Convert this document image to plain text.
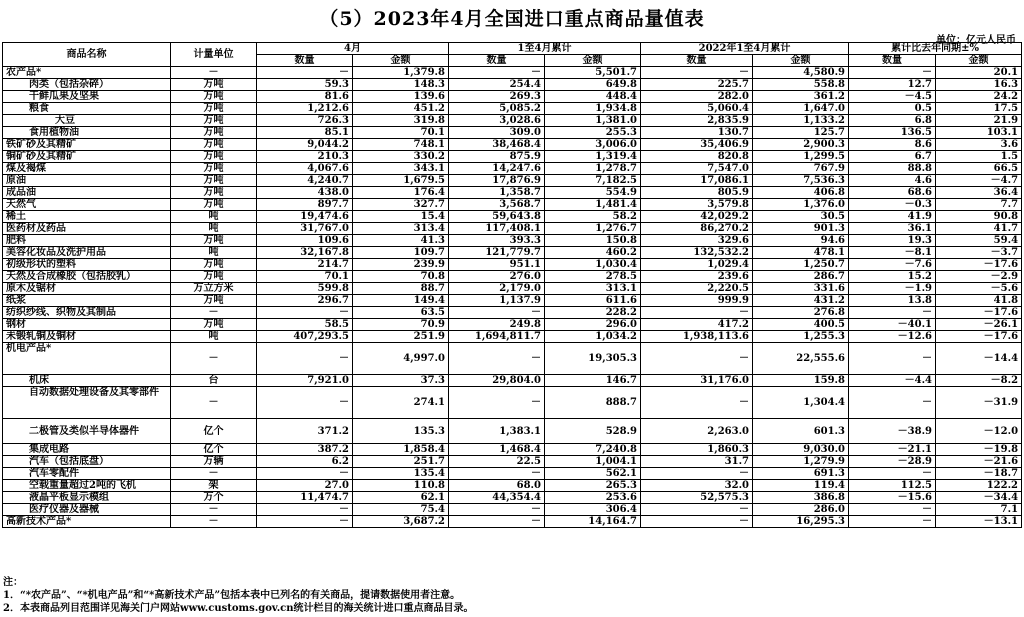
（5）2023年4月全国进口重点商品量值表
单位：亿元人民币
商品名称	计量单位	4月		1至4月累计		2022年1至4月累计		累计比去年同期±%	
		数量	金额	数量	金额	数量	金额	数量	金额
农产品*	－	－	1,379.8	－	5,501.7	－	4,580.9	－	20.1
肉类（包括杂碎）	万吨	59.3	148.3	254.4	649.8	225.7	558.8	12.7	16.3
干鲜瓜果及坚果	万吨	81.6	139.6	269.3	448.4	282.0	361.2	－4.5	24.2
粮食	万吨	1,212.6	451.2	5,085.2	1,934.8	5,060.4	1,647.0	0.5	17.5
大豆	万吨	726.3	319.8	3,028.6	1,381.0	2,835.9	1,133.2	6.8	21.9
食用植物油	万吨	85.1	70.1	309.0	255.3	130.7	125.7	136.5	103.1
铁矿砂及其精矿	万吨	9,044.2	748.1	38,468.4	3,006.0	35,406.9	2,900.3	8.6	3.6
铜矿砂及其精矿	万吨	210.3	330.2	875.9	1,319.4	820.8	1,299.5	6.7	1.5
煤及褐煤	万吨	4,067.6	343.1	14,247.6	1,278.7	7,547.0	767.9	88.8	66.5
原油	万吨	4,240.7	1,679.5	17,876.9	7,182.5	17,086.1	7,536.3	4.6	－4.7
成品油	万吨	438.0	176.4	1,358.7	554.9	805.9	406.8	68.6	36.4
天然气	万吨	897.7	327.7	3,568.7	1,481.4	3,579.8	1,376.0	－0.3	7.7
稀土	吨	19,474.6	15.4	59,643.8	58.2	42,029.2	30.5	41.9	90.8
医药材及药品	吨	31,767.0	313.4	117,408.1	1,276.7	86,270.2	901.3	36.1	41.7
肥料	万吨	109.6	41.3	393.3	150.8	329.6	94.6	19.3	59.4
美容化妆品及洗护用品	吨	32,167.8	109.7	121,779.7	460.2	132,532.2	478.1	－8.1	－3.7
初级形状的塑料	万吨	214.7	239.9	951.1	1,030.4	1,029.4	1,250.7	－7.6	－17.6
天然及合成橡胶（包括胶乳）	万吨	70.1	70.8	276.0	278.5	239.6	286.7	15.2	－2.9
原木及锯材	万立方米	599.8	88.7	2,179.0	313.1	2,220.5	331.6	－1.9	－5.6
纸浆	万吨	296.7	149.4	1,137.9	611.6	999.9	431.2	13.8	41.8
纺织纱线、织物及其制品	－	－	63.5	－	228.2	－	276.8	－	－17.6
钢材	万吨	58.5	70.9	249.8	296.0	417.2	400.5	－40.1	－26.1
未锻轧铜及铜材	吨	407,293.5	251.9	1,694,811.7	1,034.2	1,938,113.6	1,255.3	－12.6	－17.6
机电产品*	－	－	4,997.0	－	19,305.3	－	22,555.6	－	－14.4
机床	台	7,921.0	37.3	29,804.0	146.7	31,176.0	159.8	－4.4	－8.2
自动数据处理设备及其零部件	－	－	274.1	－	888.7	－	1,304.4	－	－31.9
二极管及类似半导体器件	亿个	371.2	135.3	1,383.1	528.9	2,263.0	601.3	－38.9	－12.0
集成电路	亿个	387.2	1,858.4	1,468.4	7,240.8	1,860.3	9,030.0	－21.1	－19.8
汽车（包括底盘）	万辆	6.2	251.7	22.5	1,004.1	31.7	1,279.9	－28.9	－21.6
汽车零配件	－	－	135.4	－	562.1	－	691.3	－	－18.7
空载重量超过2吨的飞机	架	27.0	110.8	68.0	265.3	32.0	119.4	112.5	122.2
液晶平板显示模组	万个	11,474.7	62.1	44,354.4	253.6	52,575.3	386.8	－15.6	－34.4
医疗仪器及器械	－	－	75.4	－	306.4	－	286.0	－	7.1
高新技术产品*	－	－	3,687.2	－	14,164.7	－	16,295.3	－	－13.1
注：
1．“*农产品”、“*机电产品”和“*高新技术产品”包括本表中已列名的有关商品，提请数据使用者注意。
2．本表商品列目范围详见海关门户网站www.customs.gov.cn统计栏目的海关统计进口重点商品目录。
